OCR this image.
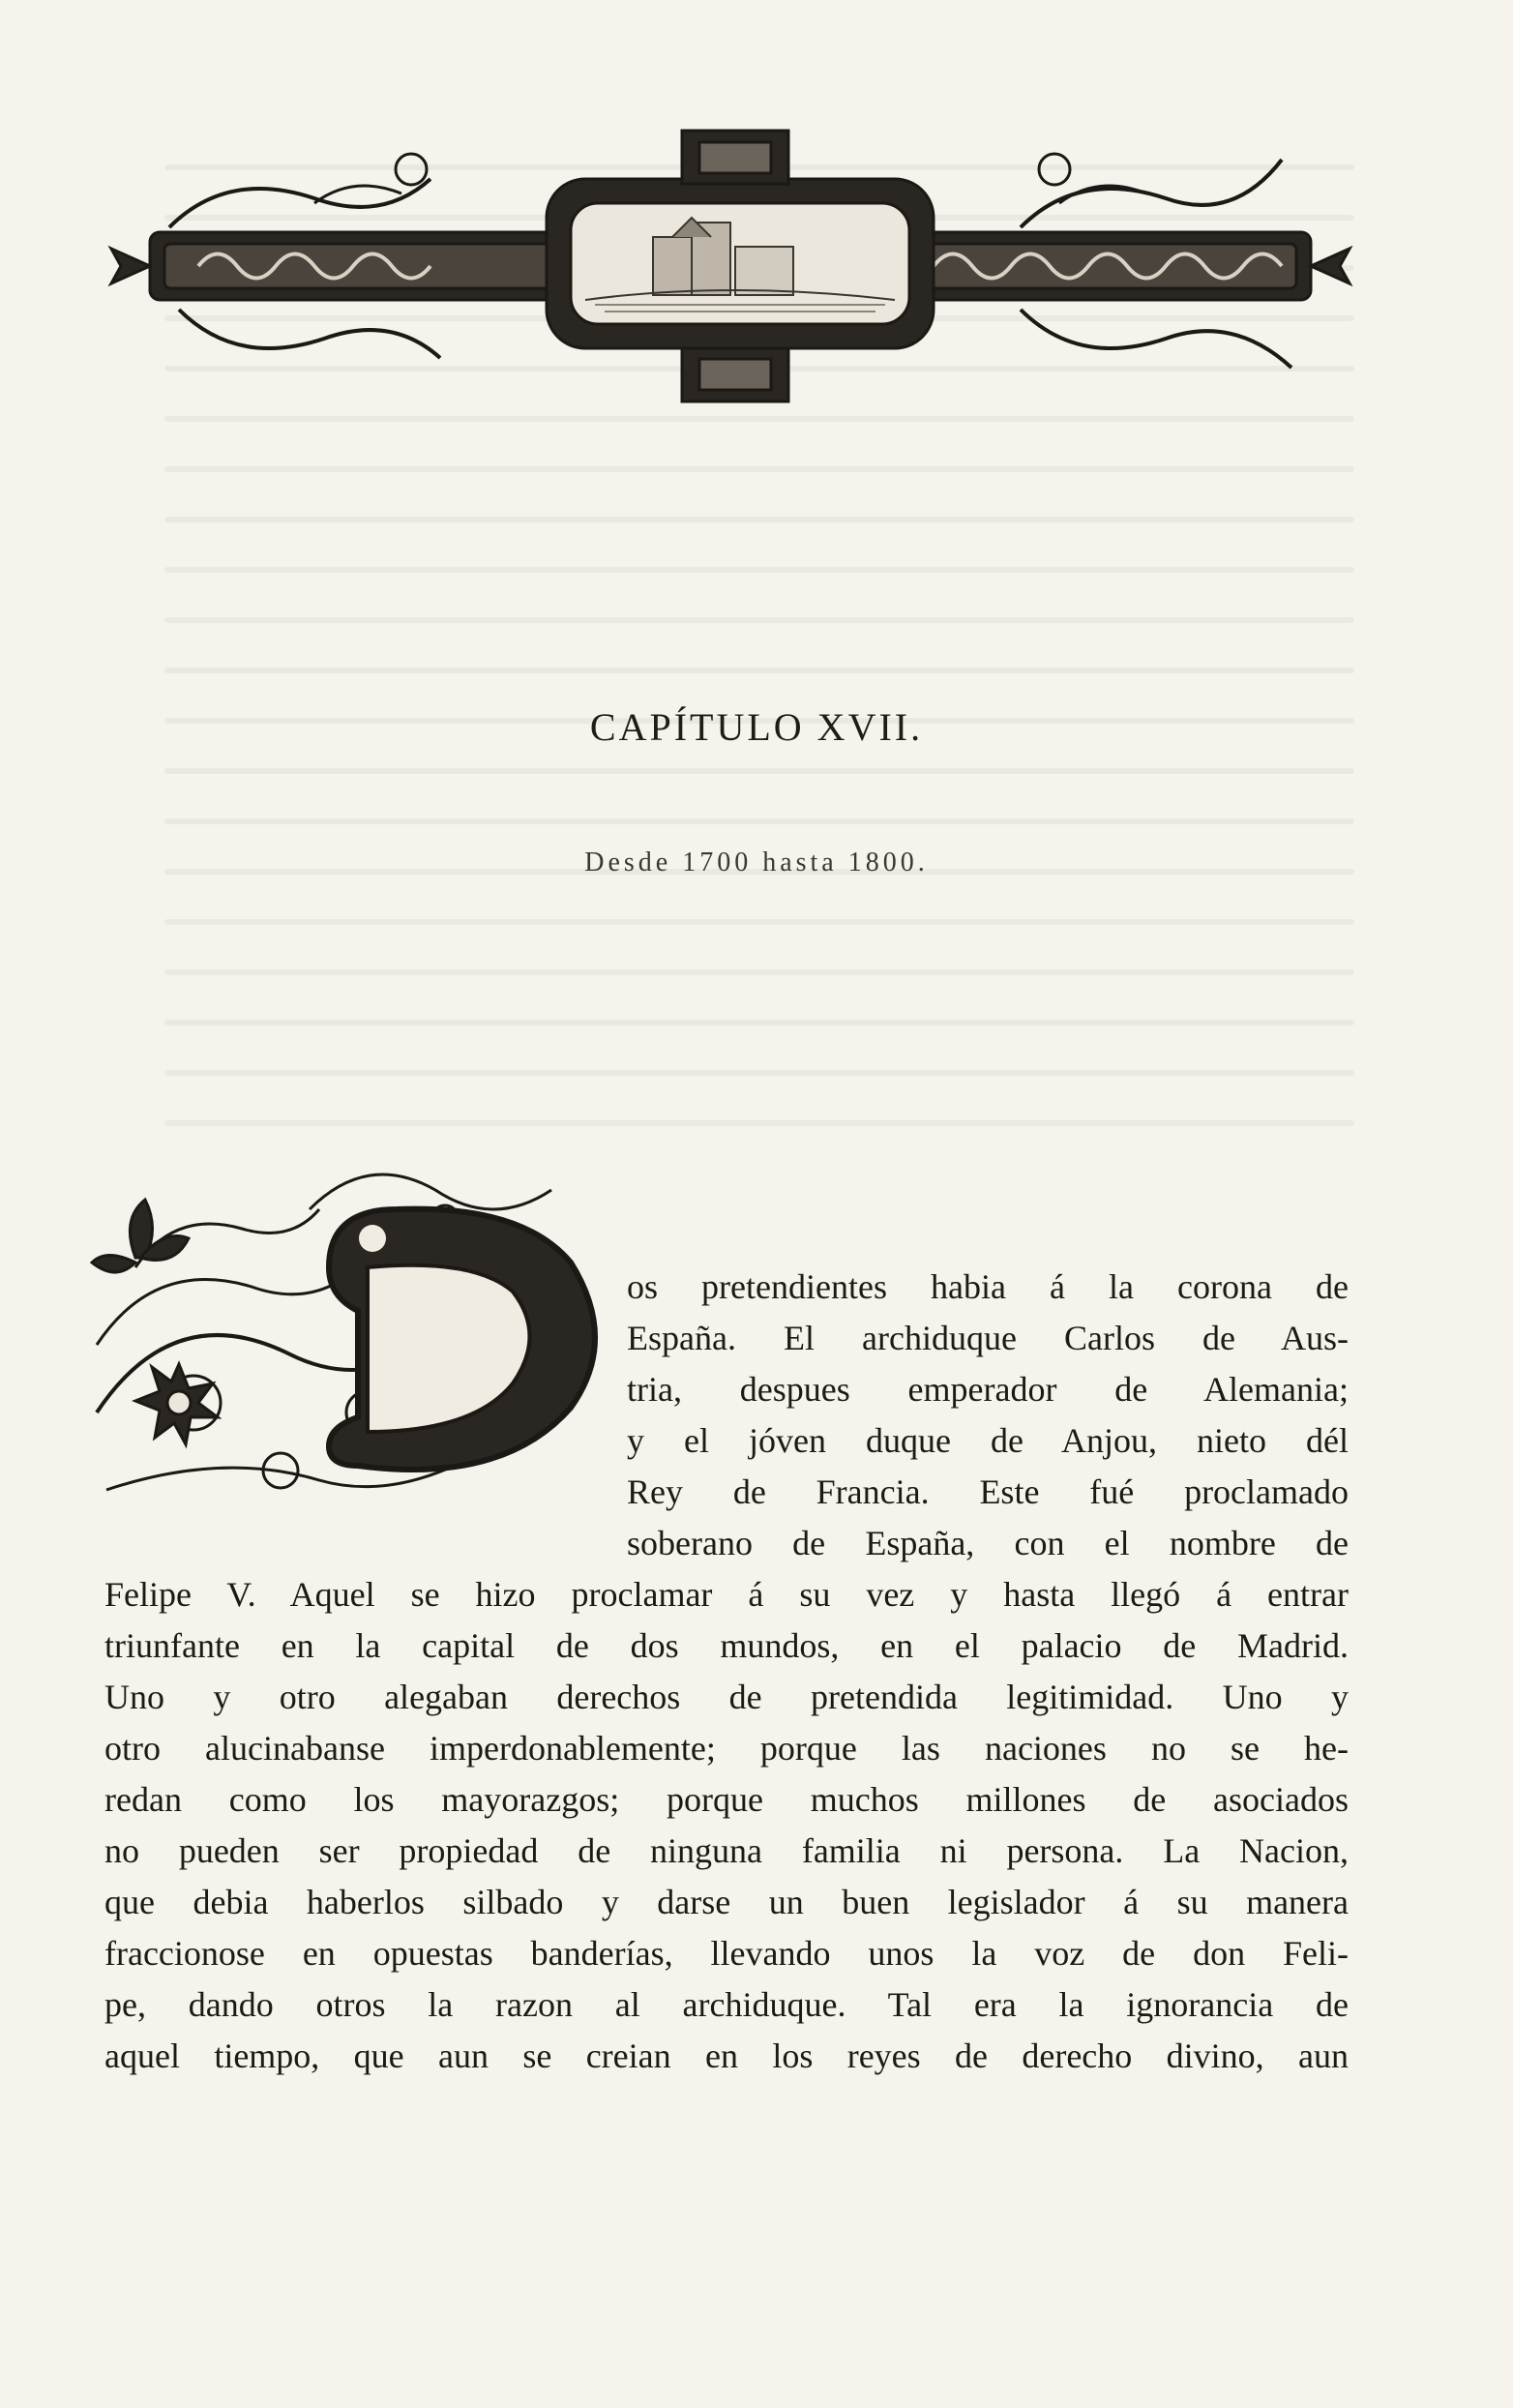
CAPÍTULO XVII.
Desde 1700 hasta 1800.
os pretendientes habia á la corona de
España. El archiduque Carlos de Aus-
tria, despues emperador de Alemania;
y el jóven duque de Anjou, nieto dél
Rey de Francia. Este fué proclamado
soberano de España, con el nombre de
Felipe V. Aquel se hizo proclamar á su vez y hasta llegó á entrar
triunfante en la capital de dos mundos, en el palacio de Madrid.
Uno y otro alegaban derechos de pretendida legitimidad. Uno y
otro alucinabanse imperdonablemente; porque las naciones no se he-
redan como los mayorazgos; porque muchos millones de asociados
no pueden ser propiedad de ninguna familia ni persona. La Nacion,
que debia haberlos silbado y darse un buen legislador á su manera
fraccionose en opuestas banderías, llevando unos la voz de don Feli-
pe, dando otros la razon al archiduque. Tal era la ignorancia de
aquel tiempo, que aun se creian en los reyes de derecho divino, aun
